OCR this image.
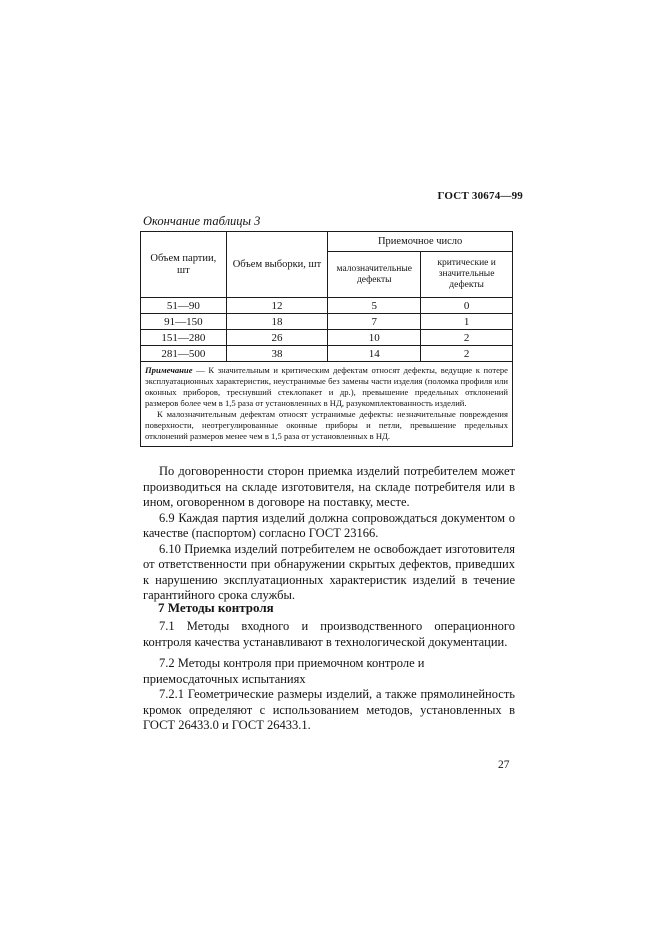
ГОСТ 30674—99
Окончание таблицы 3
Объем партии, шт	Объем выборки, шт	Приемочное число	
		малозначительные дефекты	критические и значительные дефекты
51—90	12	5	0
91—150	18	7	1
151—280	26	10	2
281—500	38	14	2

Примечание — К значительным и критическим дефектам относят дефекты, ведущие к потере эксплуатационных характеристик, неустранимые без замены части изделия (поломка профиля или оконных приборов, треснувший стеклопакет и др.), превышение предельных отклонений размеров более чем в 1,5 раза от установленных в НД, разукомплектованность изделий.

К малозначительным дефектам относят устранимые дефекты: незначительные повреждения поверхности, неотрегулированные оконные приборы и петли, превышение предельных отклонений размеров менее чем в 1,5 раза от установленных в НД.			

По договоренности сторон приемка изделий потребителем может производиться на складе изготовителя, на складе потребителя или в ином, оговоренном в договоре на поставку, месте.

6.9 Каждая партия изделий должна сопровождаться документом о качестве (паспортом) согласно ГОСТ 23166.

6.10 Приемка изделий потребителем не освобождает изготовителя от ответственности при обнаружении скрытых дефектов, приведших к нарушению эксплуатационных характеристик изделий в течение гарантийного срока службы.

7 Методы контроля

7.1 Методы входного и производственного операционного контроля качества устанавливают в технологической документации.

7.2 Методы контроля при приемочном контроле и приемосдаточных испытаниях

7.2.1 Геометрические размеры изделий, а также прямолинейность кромок определяют с использованием методов, установленных в ГОСТ 26433.0 и ГОСТ 26433.1.

27
